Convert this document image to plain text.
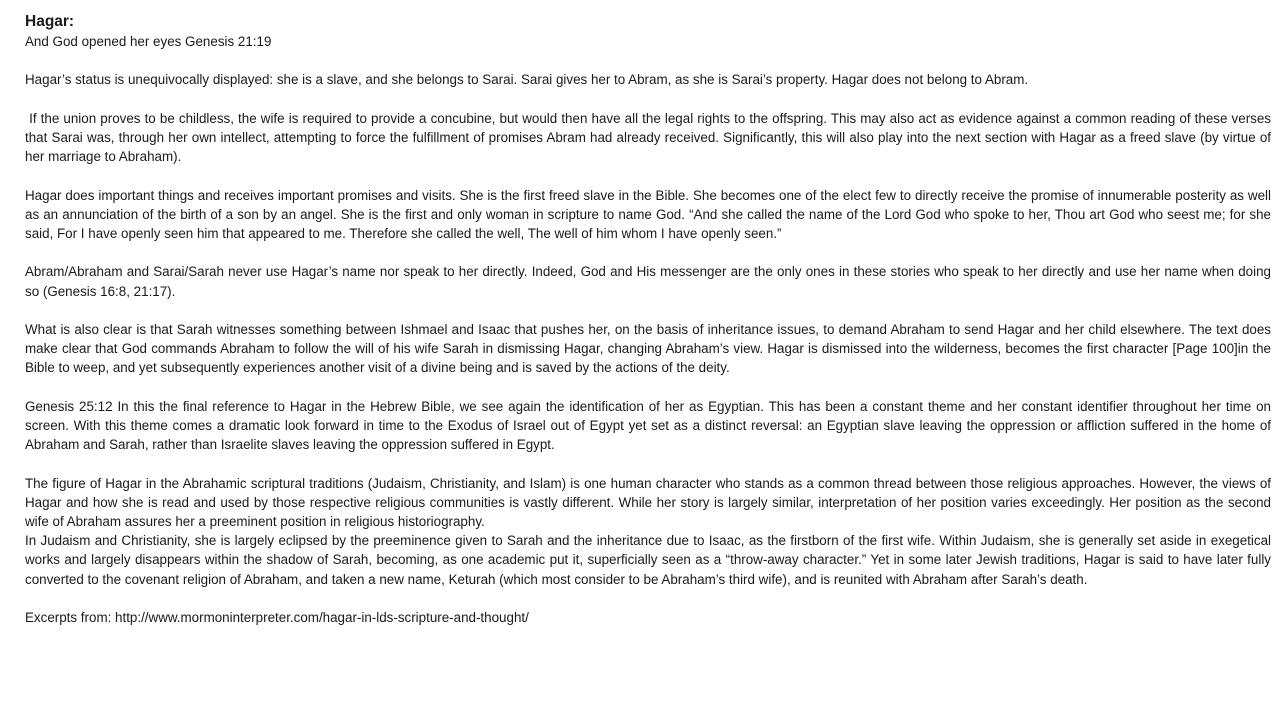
Hagar:
And God opened her eyes Genesis 21:19
Hagar’s status is unequivocally displayed: she is a slave, and she belongs to Sarai. Sarai gives her to Abram, as she is Sarai’s property. Hagar does not belong to Abram.
If the union proves to be childless, the wife is required to provide a concubine, but would then have all the legal rights to the offspring. This may also act as evidence against a common reading of these verses that Sarai was, through her own intellect, attempting to force the fulfillment of promises Abram had already received. Significantly, this will also play into the next section with Hagar as a freed slave (by virtue of her marriage to Abraham).
Hagar does important things and receives important promises and visits. She is the first freed slave in the Bible. She becomes one of the elect few to directly receive the promise of innumerable posterity as well as an annunciation of the birth of a son by an angel. She is the first and only woman in scripture to name God. “And she called the name of the Lord God who spoke to her, Thou art God who seest me; for she said, For I have openly seen him that appeared to me. Therefore she called the well, The well of him whom I have openly seen.”
Abram/Abraham and Sarai/Sarah never use Hagar’s name nor speak to her directly. Indeed, God and His messenger are the only ones in these stories who speak to her directly and use her name when doing so (Genesis 16:8, 21:17).
What is also clear is that Sarah witnesses something between Ishmael and Isaac that pushes her, on the basis of inheritance issues, to demand Abraham to send Hagar and her child elsewhere. The text does make clear that God commands Abraham to follow the will of his wife Sarah in dismissing Hagar, changing Abraham’s view. Hagar is dismissed into the wilderness, becomes the first character [Page 100]in the Bible to weep, and yet subsequently experiences another visit of a divine being and is saved by the actions of the deity.
Genesis 25:12 In this the final reference to Hagar in the Hebrew Bible, we see again the identification of her as Egyptian. This has been a constant theme and her constant identifier throughout her time on screen. With this theme comes a dramatic look forward in time to the Exodus of Israel out of Egypt yet set as a distinct reversal: an Egyptian slave leaving the oppression or affliction suffered in the home of Abraham and Sarah, rather than Israelite slaves leaving the oppression suffered in Egypt.
The figure of Hagar in the Abrahamic scriptural traditions (Judaism, Christianity, and Islam) is one human character who stands as a common thread between those religious approaches. However, the views of Hagar and how she is read and used by those respective religious communities is vastly different. While her story is largely similar, interpretation of her position varies exceedingly. Her position as the second wife of Abraham assures her a preeminent position in religious historiography.
In Judaism and Christianity, she is largely eclipsed by the preeminence given to Sarah and the inheritance due to Isaac, as the firstborn of the first wife. Within Judaism, she is generally set aside in exegetical works and largely disappears within the shadow of Sarah, becoming, as one academic put it, superficially seen as a “throw-away character.” Yet in some later Jewish traditions, Hagar is said to have later fully converted to the covenant religion of Abraham, and taken a new name, Keturah (which most consider to be Abraham’s third wife), and is reunited with Abraham after Sarah’s death.
Excerpts from: http://www.mormoninterpreter.com/hagar-in-lds-scripture-and-thought/
